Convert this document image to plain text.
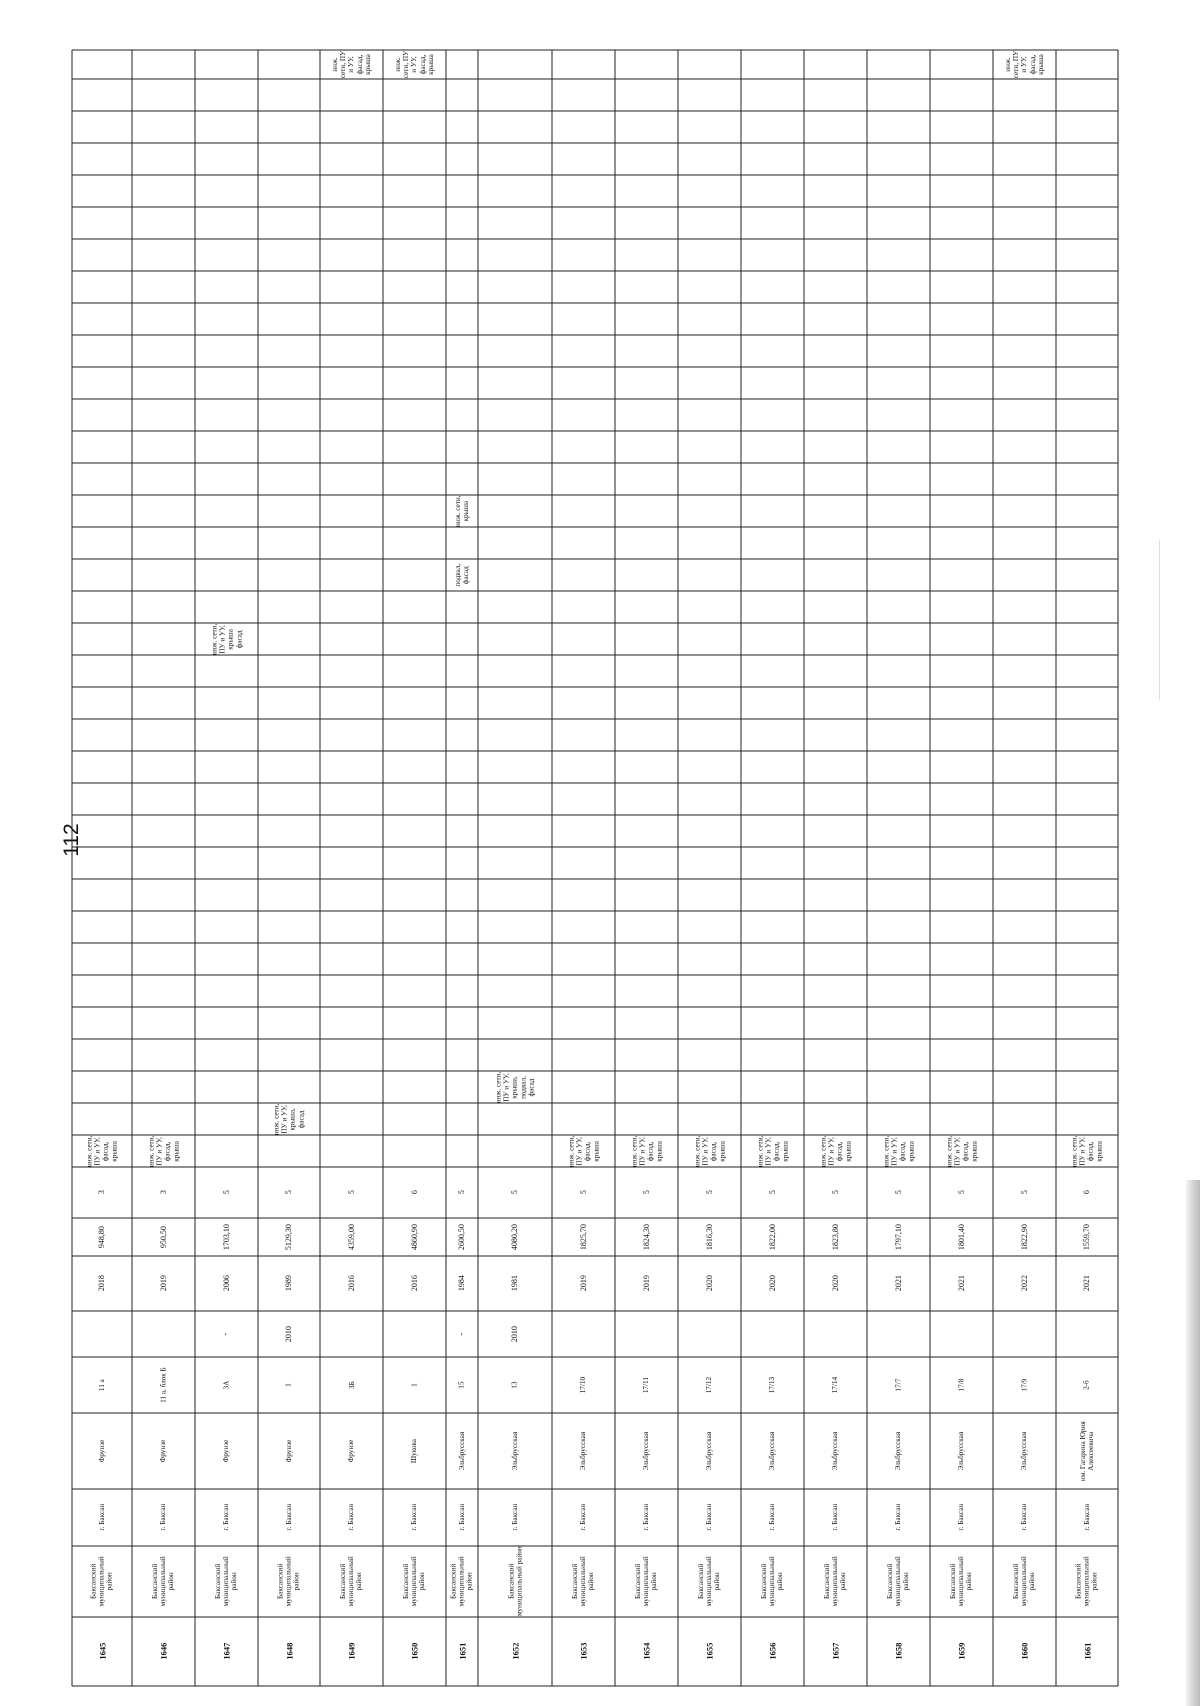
112
1645
Баксанский муниципальный район
г. Баксан
Фрунзе
11 а
2018
948,80
3
инж. сети, ПУ и УУ, фасад, крыша
1646
Баксанский муниципальный район
г. Баксан
Фрунзе
11 а, блок Б
2019
950,50
3
инж. сети, ПУ и УУ, фасад, крыша
1647
Баксанский муниципальный район
г. Баксан
Фрунзе
3А
-
2006
1703,10
5
инж. сети, ПУ и УУ, крыша фасад
1648
Баксанский муниципальный район
г. Баксан
Фрунзе
1
2010
1989
5129,30
5
инж. сети, ПУ и УУ, крыша, фасад
1649
Баксанский муниципальный район
г. Баксан
Фрунзе
3Б
2016
4359,00
5
1650
Баксанский муниципальный район
г. Баксан
Шукова
1
2016
4860,90
6
1651
Баксанский муниципальный район
г. Баксан
Эльбрусская
15
-
1984
2600,50
5
подвал, фасад
инж. сети, крыша
1652
Баксанский муниципальный район
г. Баксан
Эльбрусская
13
2010
1981
4080,20
5
инж. сети, ПУ и УУ, крыша, подвал, фасад
1653
Баксанский муниципальный район
г. Баксан
Эльбрусская
17/10
2019
1825,70
5
инж. сети, ПУ и УУ, фасад, крыша
1654
Баксанский муниципальный район
г. Баксан
Эльбрусская
17/11
2019
1824,30
5
инж. сети, ПУ и УУ, фасад, крыша
1655
Баксанский муниципальный район
г. Баксан
Эльбрусская
17/12
2020
1816,30
5
инж. сети, ПУ и УУ, фасад, крыша
1656
Баксанский муниципальный район
г. Баксан
Эльбрусская
17/13
2020
1822,00
5
инж. сети, ПУ и УУ, фасад, крыша
1657
Баксанский муниципальный район
г. Баксан
Эльбрусская
17/14
2020
1823,80
5
инж. сети, ПУ и УУ, фасад, крыша
1658
Баксанский муниципальный район
г. Баксан
Эльбрусская
17/7
2021
1797,10
5
инж. сети, ПУ и УУ, фасад, крыша
1659
Баксанский муниципальный район
г. Баксан
Эльбрусская
17/8
2021
1801,40
5
инж. сети, ПУ и УУ, фасад, крыша
1660
Баксанский муниципальный район
г. Баксан
Эльбрусская
17/9
2022
1822,90
5
1661
Баксанский муниципальный район
г. Баксан
им. Гагарина Юрия Алексеевича
2-б
2021
1559,70
6
инж. сети, ПУ и УУ, фасад, крыша
инж. сети, ПУ и УУ, фасад, крыша	инж. сети, ПУ и УУ, фасад, крыша	инж. сети, ПУ и УУ, фасад, крыша
